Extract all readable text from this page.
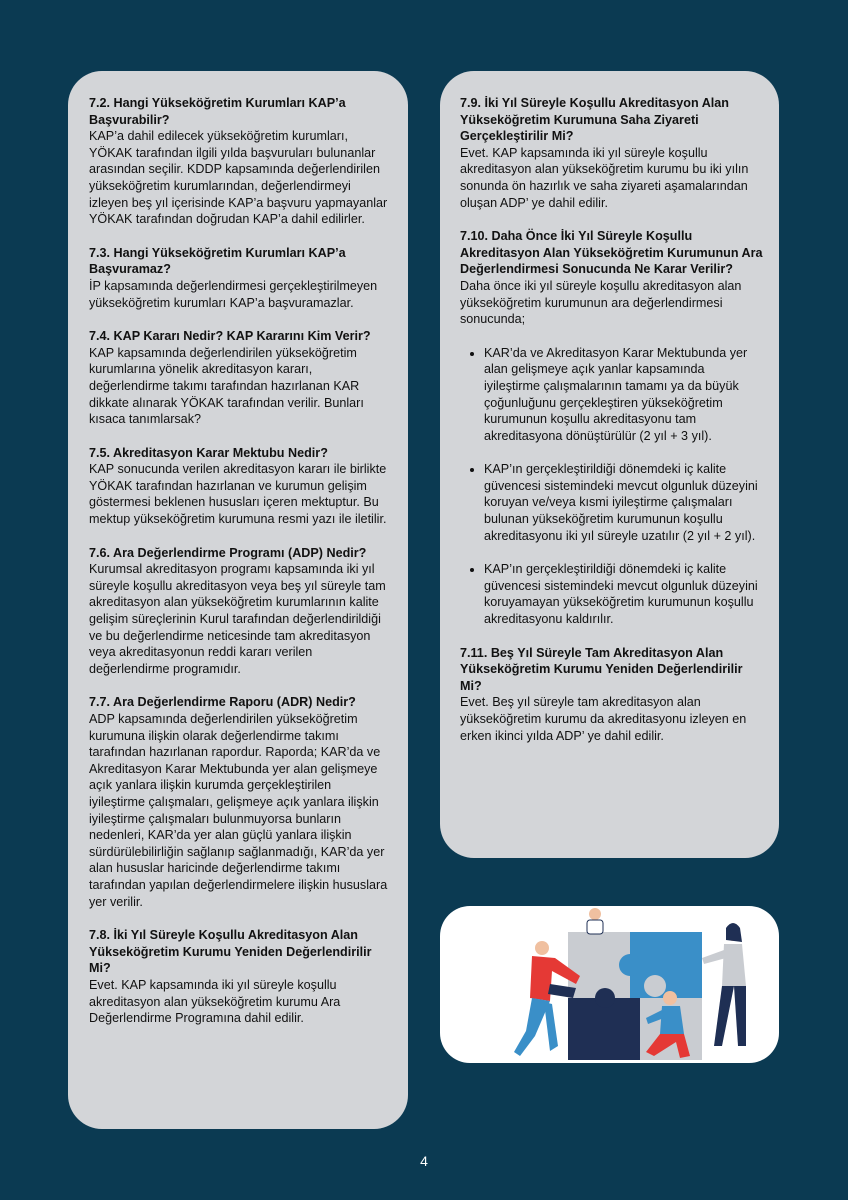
7.2. Hangi Yükseköğretim Kurumları KAP’a Başvurabilir?

KAP’a dahil edilecek yükseköğretim kurumları, YÖKAK tarafından ilgili yılda başvuruları bulunanlar arasından seçilir. KDDP kapsamında değerlendirilen yükseköğretim kurumlarından, değerlendirmeyi izleyen beş yıl içerisinde KAP’a başvuru yapmayanlar YÖKAK tarafından doğrudan KAP’a dahil edilirler.

7.3. Hangi Yükseköğretim Kurumları KAP’a Başvuramaz?

İP kapsamında değerlendirmesi gerçekleştirilmeyen yükseköğretim kurumları KAP’a başvuramazlar.

7.4. KAP Kararı Nedir? KAP Kararını Kim Verir?

KAP kapsamında değerlendirilen yükseköğretim kurumlarına yönelik akreditasyon kararı, değerlendirme takımı tarafından hazırlanan KAR dikkate alınarak YÖKAK tarafından verilir. Bunları kısaca tanımlarsak?

7.5. Akreditasyon Karar Mektubu Nedir?

KAP sonucunda verilen akreditasyon kararı ile birlikte YÖKAK tarafından hazırlanan ve kurumun gelişim göstermesi beklenen hususları içeren mektuptur. Bu mektup yükseköğretim kurumuna resmi yazı ile iletilir.

7.6. Ara Değerlendirme Programı (ADP) Nedir?

Kurumsal akreditasyon programı kapsamında iki yıl süreyle koşullu akreditasyon veya beş yıl süreyle tam akreditasyon alan yükseköğretim kurumlarının kalite gelişim süreçlerinin Kurul tarafından değerlendirildiği ve bu değerlendirme neticesinde tam akreditasyon veya akreditasyonun reddi kararı verilen değerlendirme programıdır.

7.7. Ara Değerlendirme Raporu (ADR) Nedir?

ADP kapsamında değerlendirilen yükseköğretim kurumuna ilişkin olarak değerlendirme takımı tarafından hazırlanan rapordur. Raporda; KAR’da ve Akreditasyon Karar Mektubunda yer alan gelişmeye açık yanlara ilişkin kurumda gerçekleştirilen iyileştirme çalışmaları, gelişmeye açık yanlara ilişkin iyileştirme çalışmaları bulunmuyorsa bunların nedenleri, KAR’da yer alan güçlü yanlara ilişkin sürdürülebilirliğin sağlanıp sağlanmadığı, KAR’da yer alan hususlar haricinde değerlendirme takımı tarafından yapılan değerlendirmelere ilişkin hususlara yer verilir.

7.8. İki Yıl Süreyle Koşullu Akreditasyon Alan Yükseköğretim Kurumu Yeniden Değerlendirilir Mi?

Evet. KAP kapsamında iki yıl süreyle koşullu akreditasyon alan yükseköğretim kurumu Ara Değerlendirme Programına dahil edilir.

7.9. İki Yıl Süreyle Koşullu Akreditasyon Alan Yükseköğretim Kurumuna Saha Ziyareti Gerçekleştirilir Mi?

Evet. KAP kapsamında iki yıl süreyle koşullu akreditasyon alan yükseköğretim kurumu bu iki yılın sonunda ön hazırlık ve saha ziyareti aşamalarından oluşan ADP’ ye dahil edilir.

7.10. Daha Önce İki Yıl Süreyle Koşullu Akreditasyon Alan Yükseköğretim Kurumunun Ara Değerlendirmesi Sonucunda Ne Karar Verilir?

Daha önce iki yıl süreyle koşullu akreditasyon alan yükseköğretim kurumunun ara değerlendirmesi sonucunda;

• KAR’da ve Akreditasyon Karar Mektubunda yer alan gelişmeye açık yanlar kapsamında iyileştirme çalışmalarının tamamı ya da büyük çoğunluğunu gerçekleştiren yükseköğretim kurumunun koşullu akreditasyonu tam akreditasyona dönüştürülür (2 yıl + 3 yıl).
• KAP’ın gerçekleştirildiği dönemdeki iç kalite güvencesi sistemindeki mevcut olgunluk düzeyini koruyan ve/veya kısmi iyileştirme çalışmaları bulunan yükseköğretim kurumunun koşullu akreditasyonu iki yıl süreyle uzatılır (2 yıl + 2 yıl).
• KAP’ın gerçekleştirildiği dönemdeki iç kalite güvencesi sistemindeki mevcut olgunluk düzeyini koruyamayan yükseköğretim kurumunun koşullu akreditasyonu kaldırılır.

7.11. Beş Yıl Süreyle Tam Akreditasyon Alan Yükseköğretim Kurumu Yeniden Değerlendirilir Mi?

Evet. Beş yıl süreyle tam akreditasyon alan yükseköğretim kurumu da akreditasyonu izleyen en erken ikinci yılda ADP’ ye dahil edilir.

4
